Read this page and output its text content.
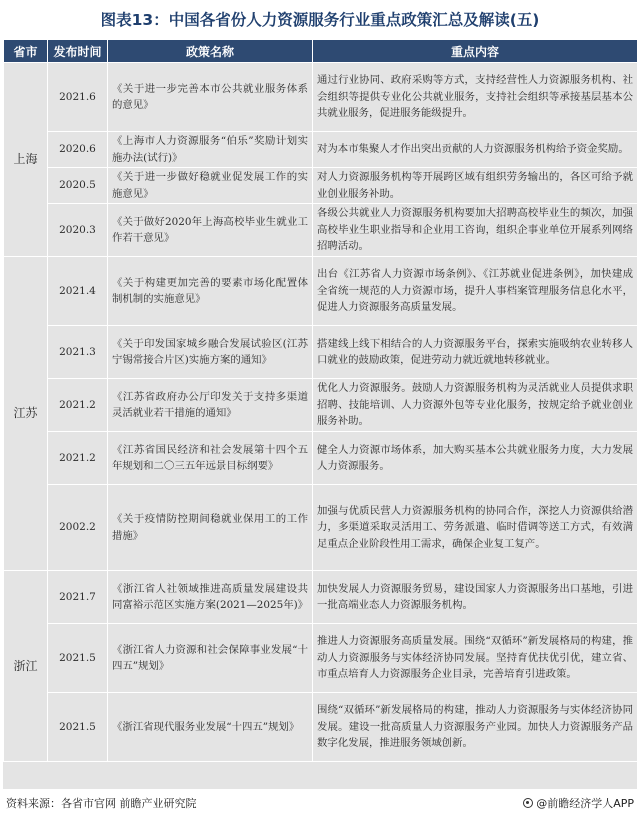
图表13：中国各省份人力资源服务行业重点政策汇总及解读(五)
省市	发布时间	政策名称	重点内容
上海	2021.6	《关于进一步完善本市公共就业服务体系的意见》	通过行业协同、政府采购等方式，支持经营性人力资源服务机构、社会组织等提供专业化公共就业服务，支持社会组织等承接基层基本公共就业服务，促进服务能级提升。
	2020.6	《上海市人力资源服务“伯乐”奖励计划实施办法(试行)》	对为本市集聚人才作出突出贡献的人力资源服务机构给予资金奖励。
	2020.5	《关于进一步做好稳就业促发展工作的实施意见》	对人力资源服务机构等开展跨区域有组织劳务输出的，各区可给予就业创业服务补助。
	2020.3	《关于做好2020年上海高校毕业生就业工作若干意见》	各级公共就业人力资源服务机构要加大招聘高校毕业生的频次，加强高校毕业生职业指导和企业用工咨询，组织企事业单位开展系列网络招聘活动。
江苏	2021.4	《关于构建更加完善的要素市场化配置体制机制的实施意见》	出台《江苏省人力资源市场条例》、《江苏就业促进条例》，加快建成全省统一规范的人力资源市场，提升人事档案管理服务信息化水平，促进人力资源服务高质量发展。
	2021.3	《关于印发国家城乡融合发展试验区(江苏宁锡常接合片区)实施方案的通知》	搭建线上线下相结合的人力资源服务平台，探索实施吸纳农业转移人口就业的鼓励政策，促进劳动力就近就地转移就业。
	2021.2	《江苏省政府办公厅印发关于支持多渠道灵活就业若干措施的通知》	优化人力资源服务。鼓励人力资源服务机构为灵活就业人员提供求职招聘、技能培训、人力资源外包等专业化服务，按规定给予就业创业服务补助。
	2021.2	《江苏省国民经济和社会发展第十四个五年规划和二〇三五年远景目标纲要》	健全人力资源市场体系，加大购买基本公共就业服务力度，大力发展人力资源服务。
	2002.2	《关于疫情防控期间稳就业保用工的工作措施》	加强与优质民营人力资源服务机构的协同合作，深挖人力资源供给潜力，多渠道采取灵活用工、劳务派遣、临时借调等送工方式，有效满足重点企业阶段性用工需求，确保企业复工复产。
浙江	2021.7	《浙江省人社领域推进高质量发展建设共同富裕示范区实施方案(2021—2025年)》	加快发展人力资源服务贸易，建设国家人力资源服务出口基地，引进一批高端业态人力资源服务机构。
	2021.5	《浙江省人力资源和社会保障事业发展“十四五”规划》	推进人力资源服务高质量发展。围绕“双循环”新发展格局的构建，推动人力资源服务与实体经济协同发展。坚持育优扶优引优，建立省、市重点培育人力资源服务企业目录，完善培育引进政策。
	2021.5	《浙江省现代服务业发展“十四五”规划》	围绕“双循环”新发展格局的构建，推动人力资源服务与实体经济协同发展。建设一批高质量人力资源服务产业园。加快人力资源服务产品数字化发展，推进服务领域创新。
资料来源：各省市官网 前瞻产业研究院	@前瞻经济学人APP
